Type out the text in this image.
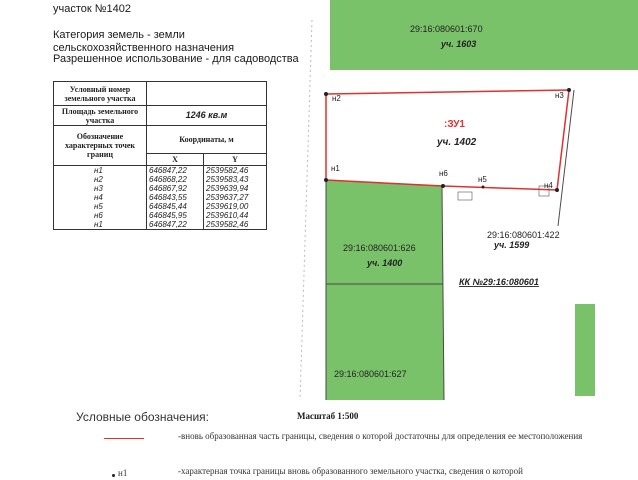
участок №1402
Категория земель - земли сельскохозяйственного назначения
Разрешенное использование - для садоводства
Условный номер земельного участка		
Площадь земельного участка	1246 кв.м	
Обозначение характерных точек границ	Координаты, м	
	X	Y
н1	646847,22	2539582,46
н2	646868,22	2539583,43
н3	646867,92	2539639,94
н4	646843,55	2539637,27
н5	646845,44	2539619,00
н6	646845,95	2539610,44
н1	646847,22	2539582,46
29:16:080601:670
уч. 1603
:ЗУ1
уч. 1402
29:16:080601:626
уч. 1400
29:16:080601:422
уч. 1599
КК №29:16:080601
29:16:080601:627
н2	н3
н4
н5
н6
н1
Масштаб 1:500
Условные обозначения:
-вновь образованная часть границы, сведения о которой достаточны для определения ее местоположения
н1	-характерная точка границы вновь образованного земельного участка, сведения о которой
